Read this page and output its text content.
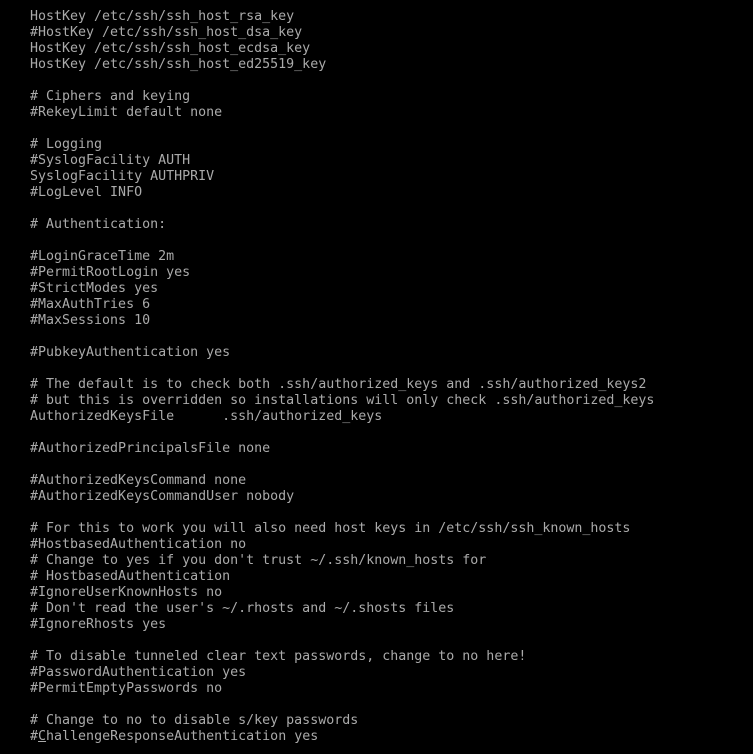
HostKey /etc/ssh/ssh_host_rsa_key
#HostKey /etc/ssh/ssh_host_dsa_key
HostKey /etc/ssh/ssh_host_ecdsa_key
HostKey /etc/ssh/ssh_host_ed25519_key
# Ciphers and keying
#RekeyLimit default none
# Logging
#SyslogFacility AUTH
SyslogFacility AUTHPRIV
#LogLevel INFO
# Authentication:
#LoginGraceTime 2m
#PermitRootLogin yes
#StrictModes yes
#MaxAuthTries 6
#MaxSessions 10
#PubkeyAuthentication yes
# The default is to check both .ssh/authorized_keys and .ssh/authorized_keys2
# but this is overridden so installations will only check .ssh/authorized_keys
AuthorizedKeysFile      .ssh/authorized_keys
#AuthorizedPrincipalsFile none
#AuthorizedKeysCommand none
#AuthorizedKeysCommandUser nobody
# For this to work you will also need host keys in /etc/ssh/ssh_known_hosts
#HostbasedAuthentication no
# Change to yes if you don't trust ~/.ssh/known_hosts for
# HostbasedAuthentication
#IgnoreUserKnownHosts no
# Don't read the user's ~/.rhosts and ~/.shosts files
#IgnoreRhosts yes
# To disable tunneled clear text passwords, change to no here!
#PasswordAuthentication yes
#PermitEmptyPasswords no
# Change to no to disable s/key passwords
#ChallengeResponseAuthentication yes
